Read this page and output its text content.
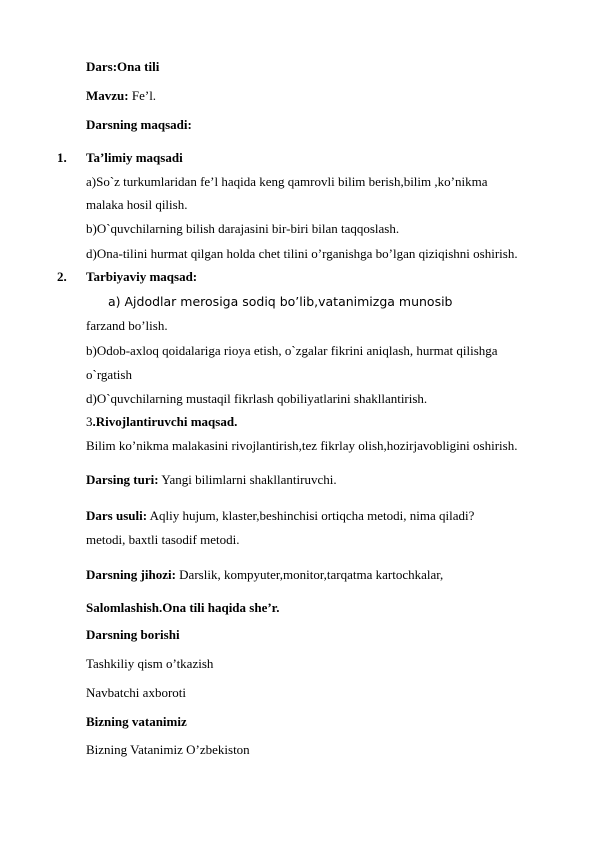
Dars:Ona tili
Mavzu: Fe’l.
Darsning maqsadi:
1. Ta’limiy maqsadi
a)So`z turkumlaridan fe’l haqida keng qamrovli bilim berish,bilim ,ko’nikma
malaka hosil qilish.
b)O`quvchilarning bilish darajasini bir-biri bilan taqqoslash.
d)Ona-tilini hurmat qilgan holda chet tilini o’rganishga bo’lgan qiziqishni oshirish.
2. Tarbiyaviy maqsad:
a) Ajdodlar merosiga sodiq bo’lib,vatanimizga munosib
farzand bo’lish.
b)Odob-axloq qoidalariga rioya etish, o`zgalar fikrini aniqlash, hurmat qilishga
o`rgatish
d)O`quvchilarning mustaqil fikrlash qobiliyatlarini shakllantirish.
3.Rivojlantiruvchi maqsad.
Bilim ko’nikma malakasini rivojlantirish,tez fikrlay olish,hozirjavobligini oshirish.
Darsing turi: Yangi bilimlarni shakllantiruvchi.
Dars usuli: Aqliy hujum, klaster,beshinchisi ortiqcha metodi, nima qiladi?
metodi, baxtli tasodif metodi.
Darsning jihozi: Darslik, kompyuter,monitor,tarqatma kartochkalar,
Salomlashish.Ona tili haqida she’r.
Darsning borishi
Tashkiliy qism o’tkazish
Navbatchi axboroti
Bizning vatanimiz
Bizning Vatanimiz O’zbekiston
